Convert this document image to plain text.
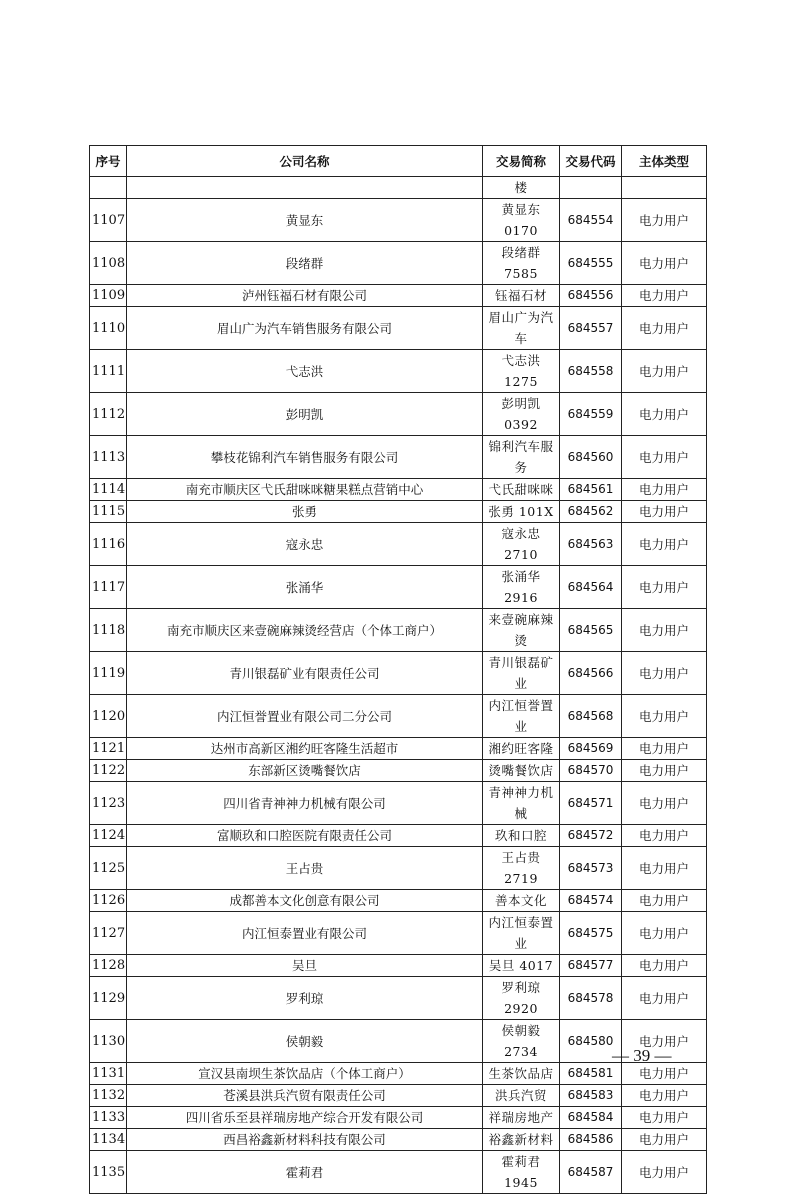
序号	公司名称	交易简称	交易代码	主体类型
		楼		
1107	黄显东	黄显东 0170	684554	电力用户
1108	段绪群	段绪群 7585	684555	电力用户
1109	泸州钰福石材有限公司	钰福石材	684556	电力用户
1110	眉山广为汽车销售服务有限公司	眉山广为汽车	684557	电力用户
1111	弋志洪	弋志洪 1275	684558	电力用户
1112	彭明凯	彭明凯 0392	684559	电力用户
1113	攀枝花锦利汽车销售服务有限公司	锦利汽车服务	684560	电力用户
1114	南充市顺庆区弋氏甜咪咪糖果糕点营销中心	弋氏甜咪咪	684561	电力用户
1115	张勇	张勇 101X	684562	电力用户
1116	寇永忠	寇永忠 2710	684563	电力用户
1117	张涌华	张涌华 2916	684564	电力用户
1118	南充市顺庆区来壹碗麻辣烫经营店（个体工商户）	来壹碗麻辣烫	684565	电力用户
1119	青川银磊矿业有限责任公司	青川银磊矿业	684566	电力用户
1120	内江恒誉置业有限公司二分公司	内江恒誉置业	684568	电力用户
1121	达州市高新区湘约旺客隆生活超市	湘约旺客隆	684569	电力用户
1122	东部新区烫嘴餐饮店	烫嘴餐饮店	684570	电力用户
1123	四川省青神神力机械有限公司	青神神力机械	684571	电力用户
1124	富顺玖和口腔医院有限责任公司	玖和口腔	684572	电力用户
1125	王占贵	王占贵 2719	684573	电力用户
1126	成都善本文化创意有限公司	善本文化	684574	电力用户
1127	内江恒泰置业有限公司	内江恒泰置业	684575	电力用户
1128	吴旦	吴旦 4017	684577	电力用户
1129	罗利琼	罗利琼 2920	684578	电力用户
1130	侯朝毅	侯朝毅 2734	684580	电力用户
1131	宣汉县南坝生茶饮品店（个体工商户）	生茶饮品店	684581	电力用户
1132	苍溪县洪兵汽贸有限责任公司	洪兵汽贸	684583	电力用户
1133	四川省乐至县祥瑞房地产综合开发有限公司	祥瑞房地产	684584	电力用户
1134	西昌裕鑫新材料科技有限公司	裕鑫新材料	684586	电力用户
1135	霍莉君	霍莉君 1945	684587	电力用户
— 39 —
